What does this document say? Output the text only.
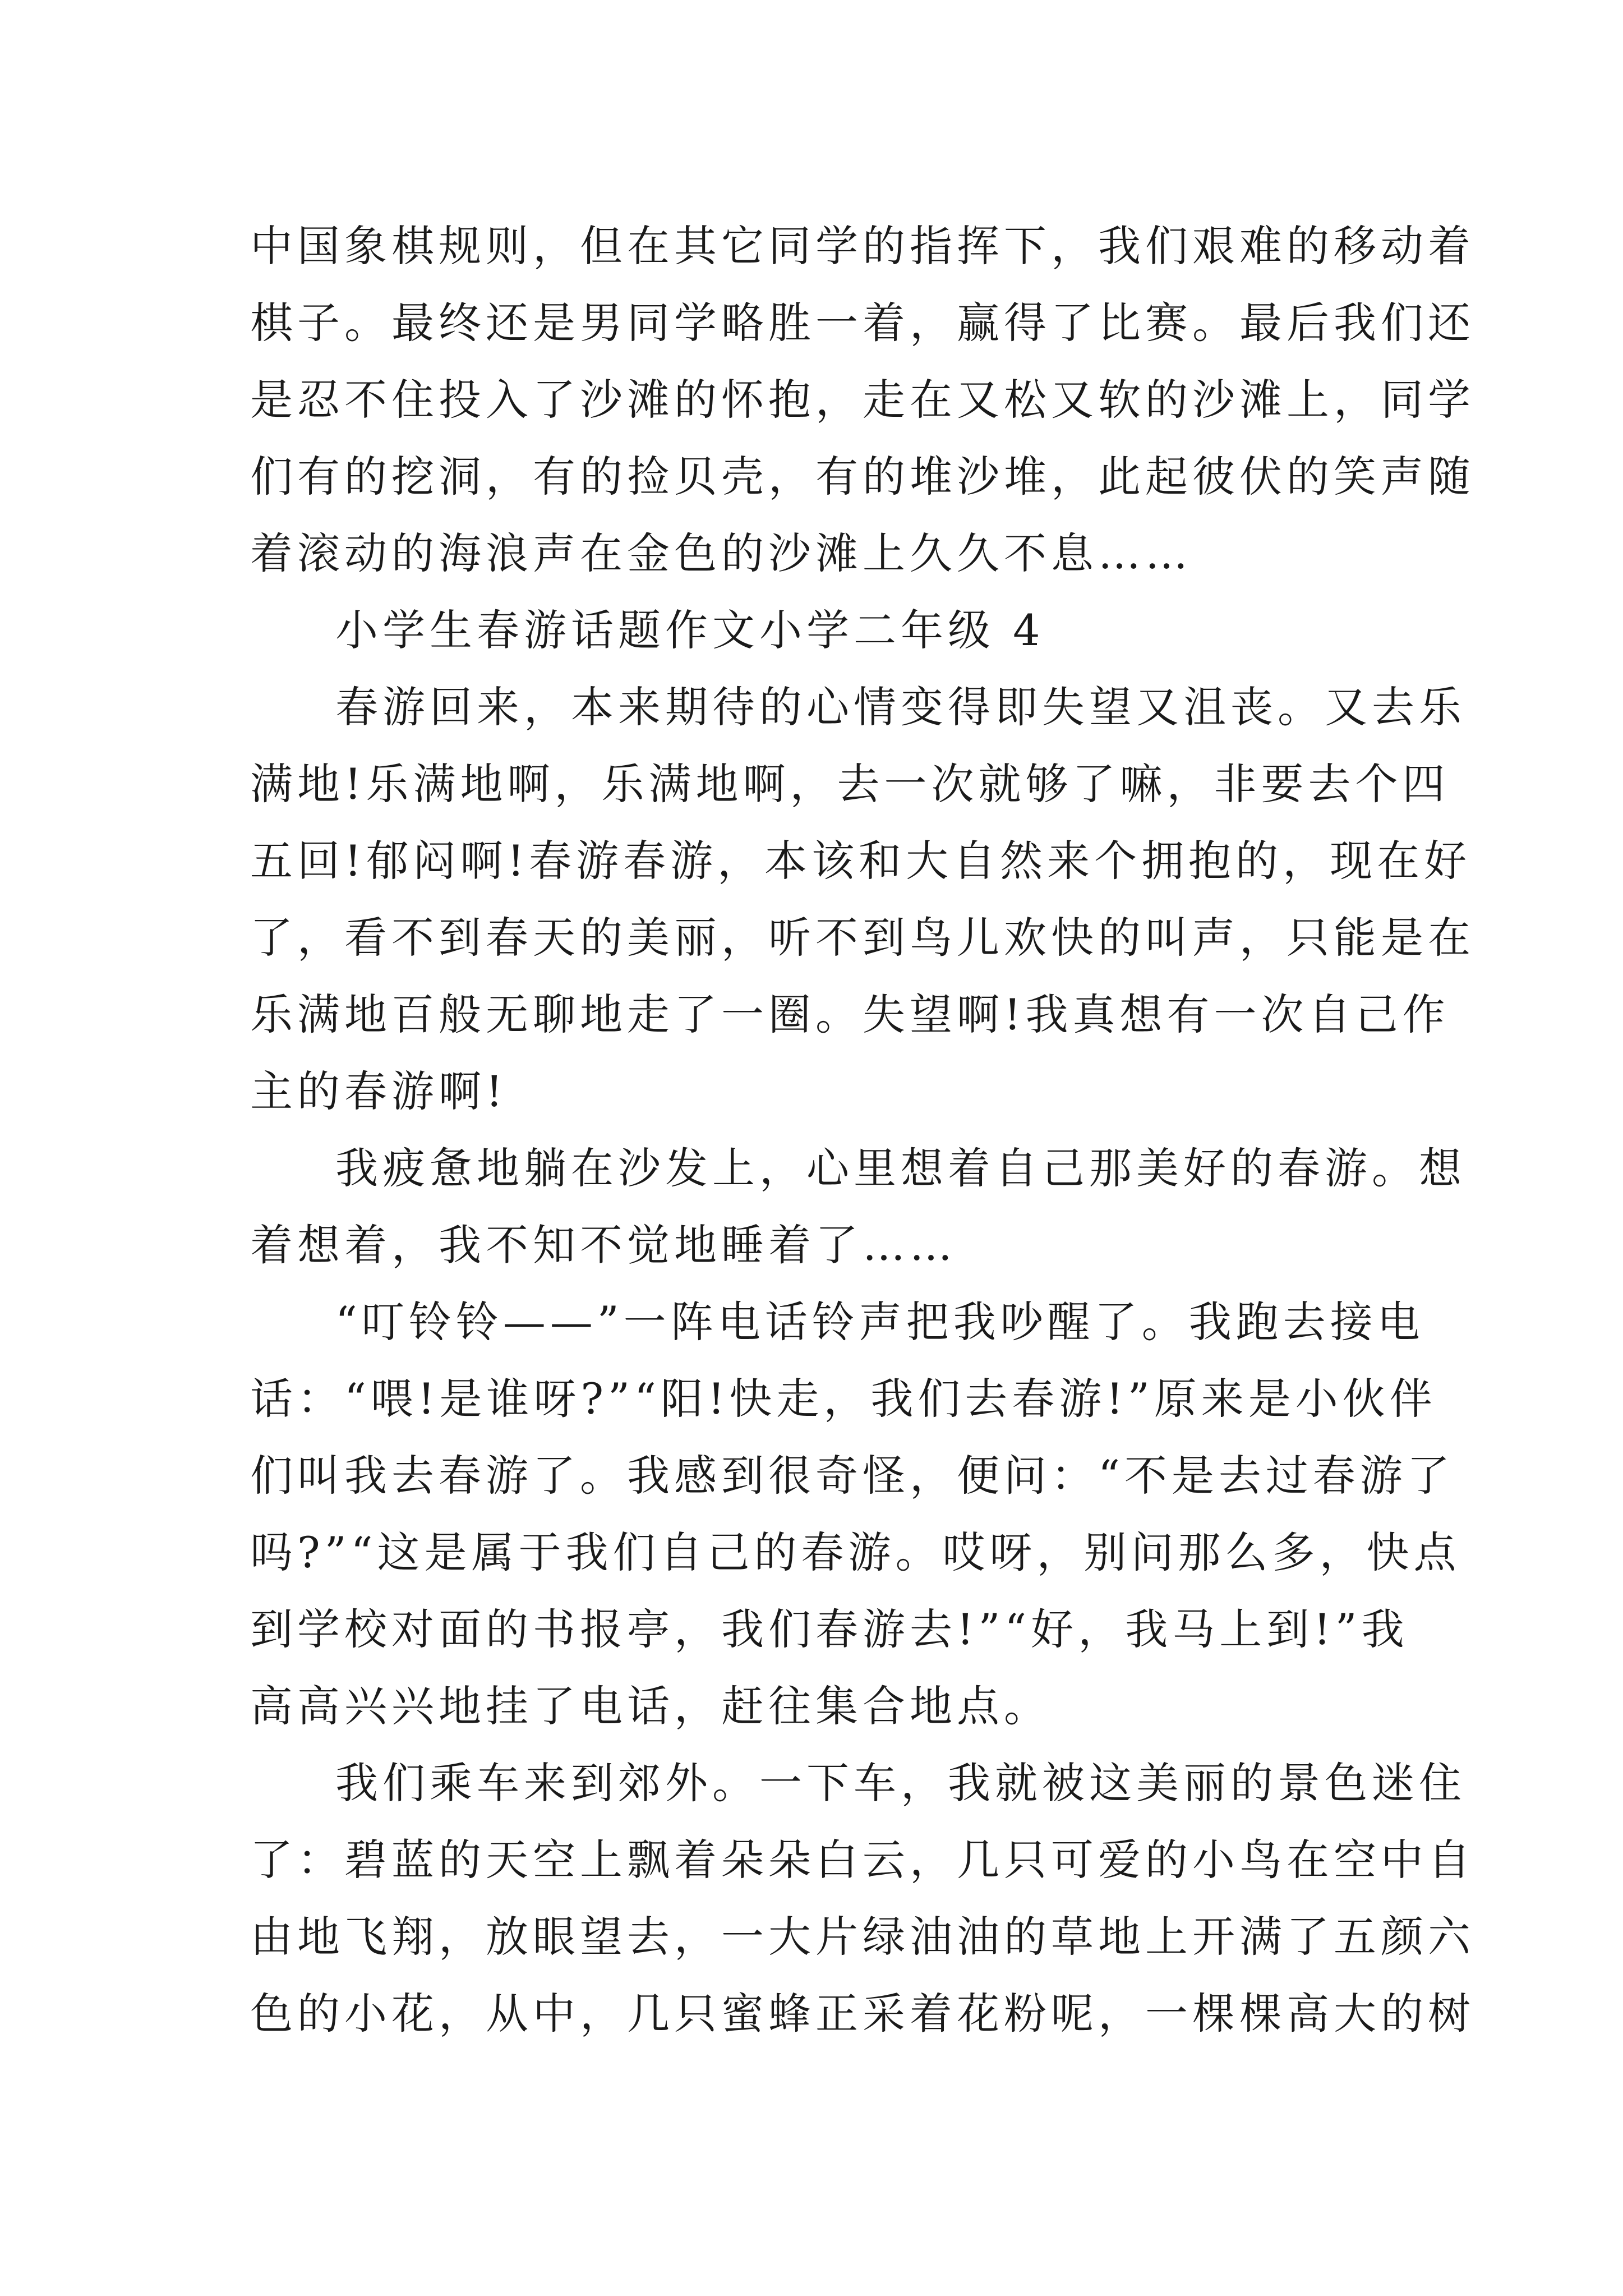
中国象棋规则，但在其它同学的指挥下，我们艰难的移动着
棋子。最终还是男同学略胜一着，赢得了比赛。最后我们还
是忍不住投入了沙滩的怀抱，走在又松又软的沙滩上，同学
们有的挖洞，有的捡贝壳，有的堆沙堆，此起彼伏的笑声随
着滚动的海浪声在金色的沙滩上久久不息……
小学生春游话题作文小学二年级 4
春游回来，本来期待的心情变得即失望又沮丧。又去乐
满地!乐满地啊，乐满地啊，去一次就够了嘛，非要去个四
五回!郁闷啊!春游春游，本该和大自然来个拥抱的，现在好
了，看不到春天的美丽，听不到鸟儿欢快的叫声，只能是在
乐满地百般无聊地走了一圈。失望啊!我真想有一次自己作
主的春游啊!
我疲惫地躺在沙发上，心里想着自己那美好的春游。想
着想着，我不知不觉地睡着了……
“叮铃铃——”一阵电话铃声把我吵醒了。我跑去接电
话：“喂!是谁呀?”“阳!快走，我们去春游!”原来是小伙伴
们叫我去春游了。我感到很奇怪，便问：“不是去过春游了
吗?”“这是属于我们自己的春游。哎呀，别问那么多，快点
到学校对面的书报亭，我们春游去!”“好，我马上到!”我
高高兴兴地挂了电话，赶往集合地点。
我们乘车来到郊外。一下车，我就被这美丽的景色迷住
了：碧蓝的天空上飘着朵朵白云，几只可爱的小鸟在空中自
由地飞翔，放眼望去，一大片绿油油的草地上开满了五颜六
色的小花，从中，几只蜜蜂正采着花粉呢，一棵棵高大的树
